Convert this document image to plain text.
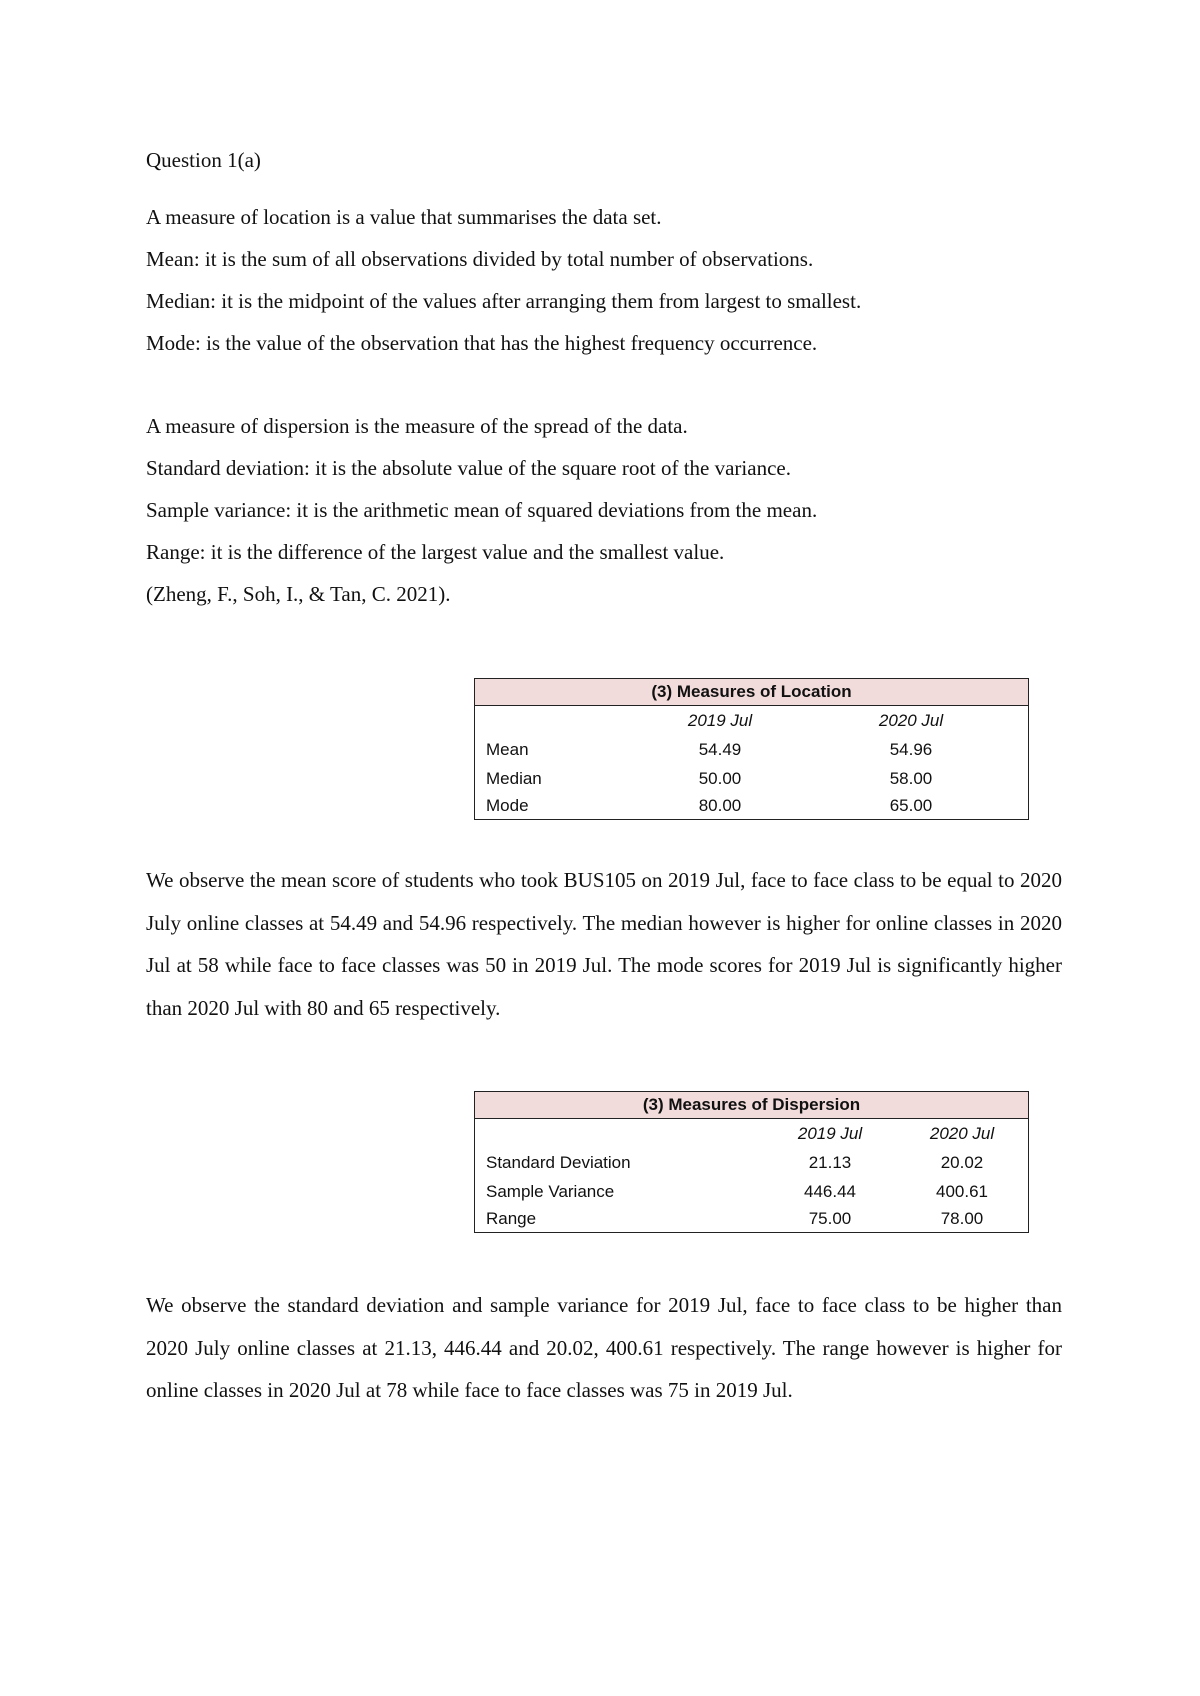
Question 1(a)
A measure of location is a value that summarises the data set.
Mean: it is the sum of all observations divided by total number of observations.
Median: it is the midpoint of the values after arranging them from largest to smallest.
Mode: is the value of the observation that has the highest frequency occurrence.
A measure of dispersion is the measure of the spread of the data.
Standard deviation: it is the absolute value of the square root of the variance.
Sample variance: it is the arithmetic mean of squared deviations from the mean.
Range: it is the difference of the largest value and the smallest value.
(Zheng, F., Soh, I., & Tan, C. 2021).
(3) Measures of Location
2019 Jul	2020 Jul
Mean	54.49	54.96
Median	50.00	58.00
Mode	80.00	65.00
We observe the mean score of students who took BUS105 on 2019 Jul, face to face class to be equal to 2020 July online classes at 54.49 and 54.96 respectively. The median however is higher for online classes in 2020 Jul at 58 while face to face classes was 50 in 2019 Jul. The mode scores for 2019 Jul is significantly higher than 2020 Jul with 80 and 65 respectively.
(3) Measures of Dispersion
2019 Jul	2020 Jul
Standard Deviation	21.13	20.02
Sample Variance	446.44	400.61
Range	75.00	78.00
We observe the standard deviation and sample variance for 2019 Jul, face to face class to be higher than 2020 July online classes at 21.13, 446.44 and 20.02, 400.61 respectively. The range however is higher for online classes in 2020 Jul at 78 while face to face classes was 75 in 2019 Jul.
